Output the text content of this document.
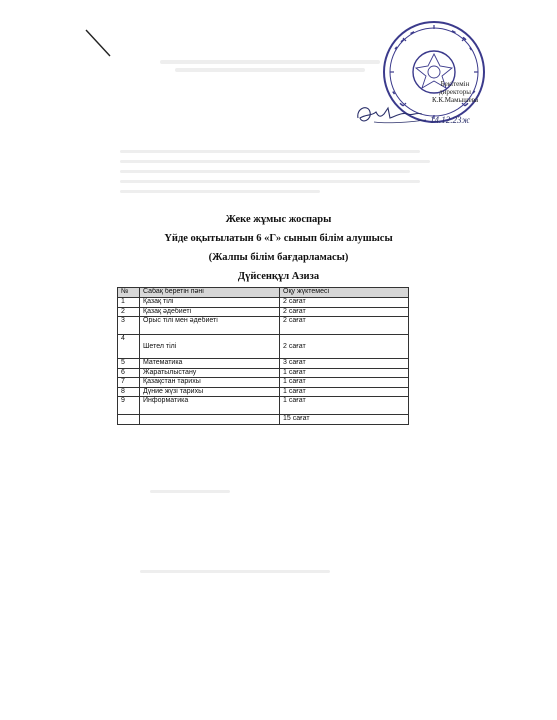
Бекітемін
директоры
К.К.Мамышева
14.12.23ж
Жеке жұмыс жоспары
Үйде оқытылатын 6 «Г» сынып білім алушысы
(Жалпы білім бағдарламасы)
Дүйсенқұл Азиза
№	Сабақ беретін пәні	Оқу жүктемесі
1	Қазақ тілі	2 сағат
2	Қазақ әдебиеті	2 сағат
3	Орыс тілі мен әдебиеті	2 сағат
4	Шетел тілі	2 сағат
5	Математика	3 сағат
6	Жаратылыстану	1 сағат
7	Қазақстан тарихы	1 сағат
8	Дүние жүзі тарихы	1 сағат
9	Информатика	1 сағат
		15 сағат
